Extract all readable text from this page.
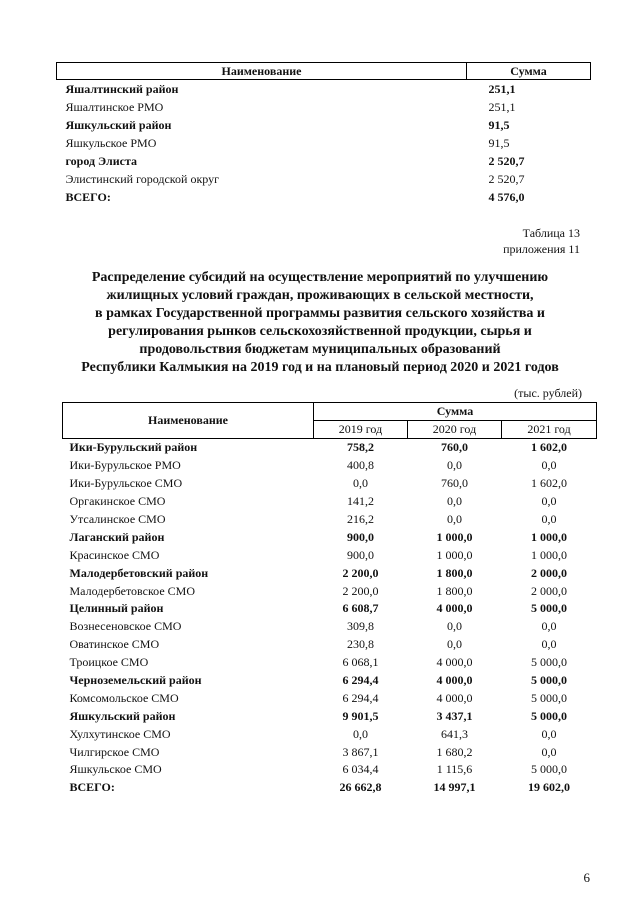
Наименование	Сумма
Яшалтинский район	251,1
Яшалтинское РМО	251,1
Яшкульский район	91,5
Яшкульское РМО	91,5
город Элиста	2 520,7
Элистинский городской округ	2 520,7
ВСЕГО:	4 576,0
Таблица 13
приложения 11
Распределение субсидий на осуществление мероприятий по улучшению
жилищных условий граждан, проживающих в сельской местности,
в рамках Государственной программы развития сельского хозяйства и
регулирования рынков сельскохозяйственной продукции, сырья и
продовольствия бюджетам муниципальных образований
Республики Калмыкия на 2019 год и на плановый период 2020 и 2021 годов
(тыс. рублей)
Наименование	Сумма		
	2019 год	2020 год	2021 год
Ики-Бурульский район	758,2	760,0	1 602,0
Ики-Бурульское РМО	400,8	0,0	0,0
Ики-Бурульское СМО	0,0	760,0	1 602,0
Оргакинское СМО	141,2	0,0	0,0
Утсалинское СМО	216,2	0,0	0,0
Лаганский район	900,0	1 000,0	1 000,0
Красинское СМО	900,0	1 000,0	1 000,0
Малодербетовский район	2 200,0	1 800,0	2 000,0
Малодербетовское СМО	2 200,0	1 800,0	2 000,0
Целинный район	6 608,7	4 000,0	5 000,0
Вознесеновское СМО	309,8	0,0	0,0
Оватинское СМО	230,8	0,0	0,0
Троицкое СМО	6 068,1	4 000,0	5 000,0
Черноземельский район	6 294,4	4 000,0	5 000,0
Комсомольское СМО	6 294,4	4 000,0	5 000,0
Яшкульский район	9 901,5	3 437,1	5 000,0
Хулхутинское СМО	0,0	641,3	0,0
Чилгирское СМО	3 867,1	1 680,2	0,0
Яшкульское СМО	6 034,4	1 115,6	5 000,0
ВСЕГО:	26 662,8	14 997,1	19 602,0
6
